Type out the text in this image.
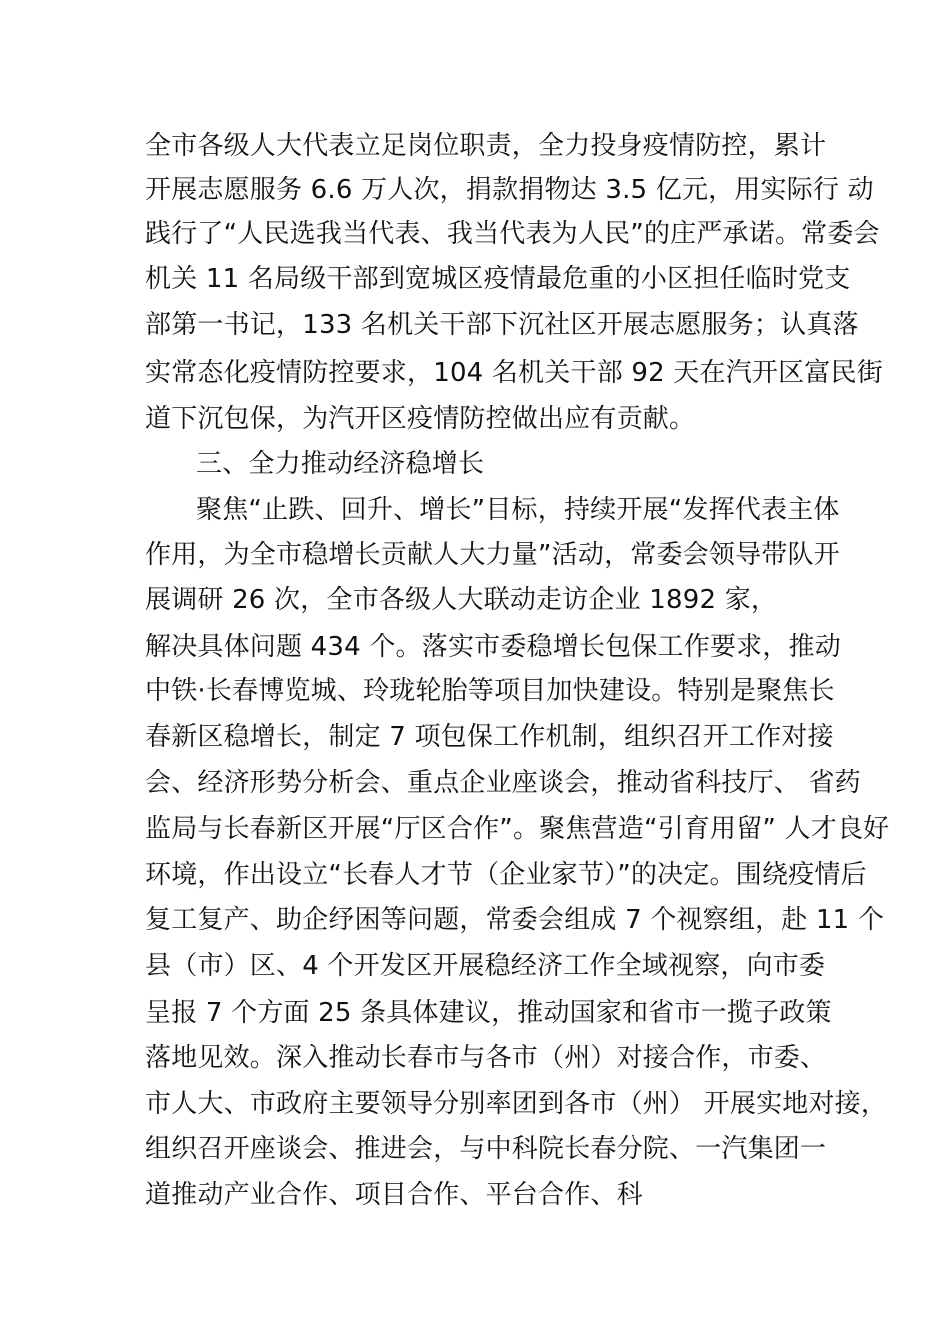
全市各级人大代表立足岗位职责，全力投身疫情防控，累计
开展志愿服务 6.6 万人次，捐款捐物达 3.5 亿元，用实际行 动
践行了“人民选我当代表、我当代表为人民”的庄严承诺。常委会
机关 11 名局级干部到宽城区疫情最危重的小区担任临时党支
部第一书记，133 名机关干部下沉社区开展志愿服务；认真落
实常态化疫情防控要求，104 名机关干部 92 天在汽开区富民街
道下沉包保，为汽开区疫情防控做出应有贡献。
三、全力推动经济稳增长
聚焦“止跌、回升、增长”目标，持续开展“发挥代表主体
作用，为全市稳增长贡献人大力量”活动，常委会领导带队开
展调研 26 次，全市各级人大联动走访企业 1892 家，
解决具体问题 434 个。落实市委稳增长包保工作要求，推动
中铁·长春博览城、玲珑轮胎等项目加快建设。特别是聚焦长
春新区稳增长，制定 7 项包保工作机制，组织召开工作对接
会、经济形势分析会、重点企业座谈会，推动省科技厅、 省药
监局与长春新区开展“厅区合作”。聚焦营造“引育用留” 人才良好
环境，作出设立“长春人才节（企业家节）”的决定。围绕疫情后
复工复产、助企纾困等问题，常委会组成 7 个视察组，赴 11 个
县（市）区、4 个开发区开展稳经济工作全域视察，向市委
呈报 7 个方面 25 条具体建议，推动国家和省市一揽子政策
落地见效。深入推动长春市与各市（州）对接合作，市委、
市人大、市政府主要领导分别率团到各市（州） 开展实地对接，
组织召开座谈会、推进会，与中科院长春分院、一汽集团一
道推动产业合作、项目合作、平台合作、科
